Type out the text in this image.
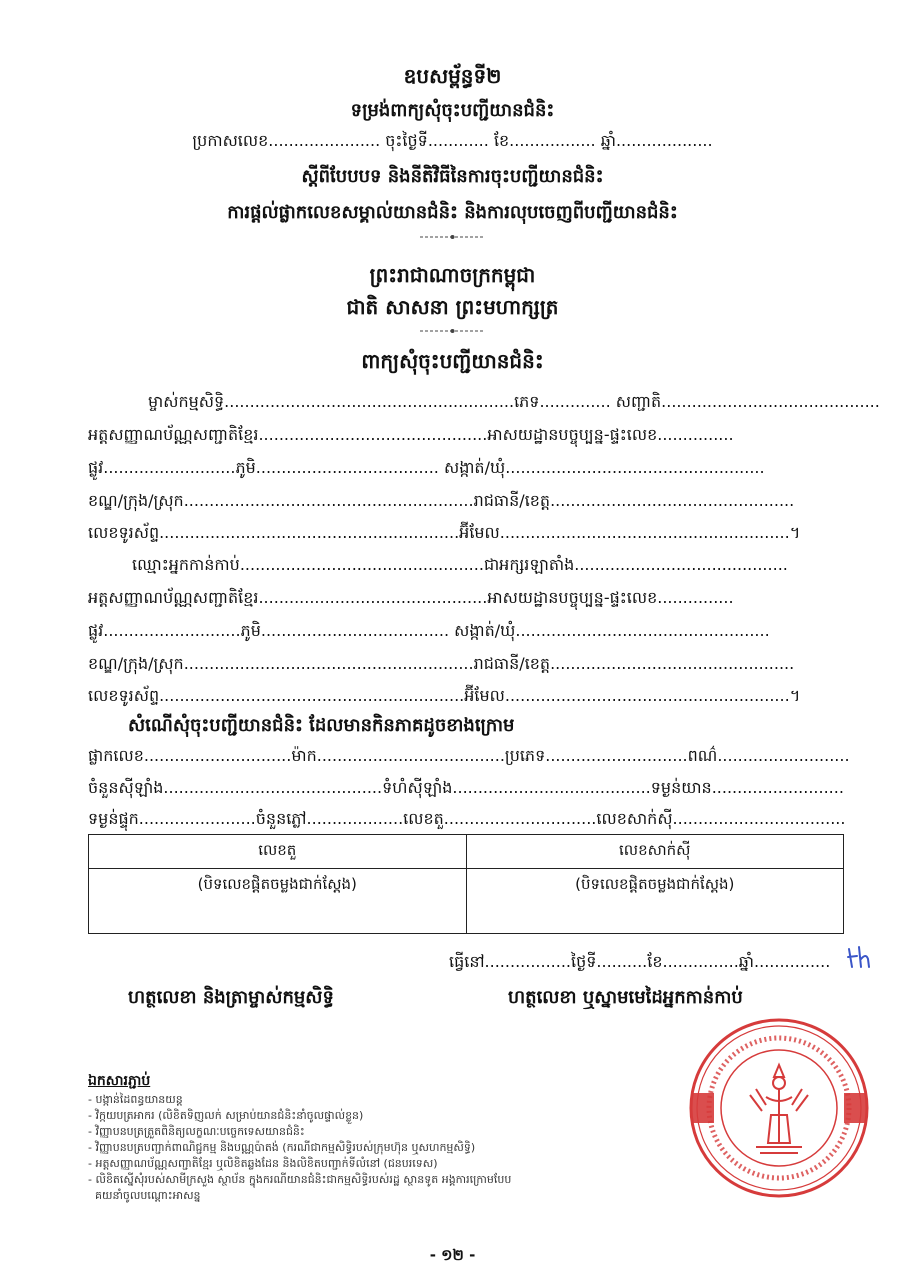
ឧបសម្ព័ន្ធទី២
ទម្រង់ពាក្យសុំចុះបញ្ជីយានជំនិះ
ប្រកាសលេខ...................... ចុះថ្ងៃទី............ ខែ................. ឆ្នាំ...................
ស្តីពីបែបបទ និងនីតិវិធីនៃការចុះបញ្ជីយានជំនិះ
ការផ្តល់ផ្លាកលេខសម្គាល់យានជំនិះ និងការលុបចេញពីបញ្ជីយានជំនិះ
ព្រះរាជាណាចក្រកម្ពុជា
ជាតិ សាសនា ព្រះមហាក្សត្រ
ពាក្យសុំចុះបញ្ជីយានជំនិះ
ម្ចាស់កម្មសិទ្ធិ.........................................................ភេទ.............. សញ្ជាតិ...........................................
អត្តសញ្ញាណប័ណ្ណសញ្ជាតិខ្មែរ.............................................អាសយដ្ឋានបច្ចុប្បន្ន-ផ្ទះលេខ...............
ផ្លូវ..........................ភូមិ.................................... សង្កាត់/ឃុំ...................................................
ខណ្ឌ/ក្រុង/ស្រុក.........................................................រាជធានី/ខេត្ត................................................
លេខទូរស័ព្ទ...........................................................អ៊ីមែល.........................................................។
ឈ្មោះអ្នកកាន់កាប់................................................ជាអក្សរឡាតាំង..........................................
អត្តសញ្ញាណប័ណ្ណសញ្ជាតិខ្មែរ.............................................អាសយដ្ឋានបច្ចុប្បន្ន-ផ្ទះលេខ...............
ផ្លូវ...........................ភូមិ..................................... សង្កាត់/ឃុំ..................................................
ខណ្ឌ/ក្រុង/ស្រុក.........................................................រាជធានី/ខេត្ត................................................
លេខទូរស័ព្ទ............................................................អ៊ីមែល........................................................។
សំណើសុំចុះបញ្ជីយានជំនិះ ដែលមានកិនភាគដូចខាងក្រោម
ផ្លាកលេខ.............................ម៉ាក.....................................ប្រភេទ............................ពណ៌..........................
ចំនួនស៊ីឡាំង...........................................ទំហំស៊ីឡាំង.......................................ទម្ងន់យាន..........................
ទម្ងន់ផ្ទុក.......................ចំនួនភ្លៅ...................លេខតួ..............................លេខសាក់ស៊ី..................................
លេខតួ	លេខសាក់ស៊ី
(បិទលេខផ្តិតចម្លងជាក់ស្តែង)	(បិទលេខផ្តិតចម្លងជាក់ស្តែង)
ធ្វើនៅ.................ថ្ងៃទី..........ខែ...............ឆ្នាំ...............
ហត្ថលេខា និងត្រាម្ចាស់កម្មសិទ្ធិ	ហត្ថលេខា ឬស្នាមមេដៃអ្នកកាន់កាប់
ឯកសារភ្ជាប់
- បង្កាន់ដៃពន្ធយានយន្ត
- វិក្កយបត្រអាករ (លិខិតទិញលក់ សម្រាប់យានជំនិះនាំចូលផ្ទាល់ខ្លួន)
- វិញ្ញាបនបត្រត្រួតពិនិត្យលក្ខណៈបច្ចេកទេសយានជំនិះ
- វិញ្ញាបនបត្របញ្ជាក់ពាណិជ្ជកម្ម និងបណ្ណប៉ាតង់ (ករណីជាកម្មសិទ្ធិរបស់ក្រុមហ៊ុន ឬសហកម្មសិទ្ធិ)
- អត្តសញ្ញាណប័ណ្ណសញ្ជាតិខ្មែរ ឬលិខិតឆ្លងដែន និងលិខិតបញ្ជាក់ទីលំនៅ (ជនបរទេស)
- លិខិតស្នើសុំរបស់សាមីក្រសួង ស្ថាប័ន ក្នុងករណីយានជំនិះជាកម្មសិទ្ធិរបស់រដ្ឋ ស្ថានទូត អង្គការក្រោមបែប
គយនាំចូលបណ្តោះអាសន្ន
- ១២ -
